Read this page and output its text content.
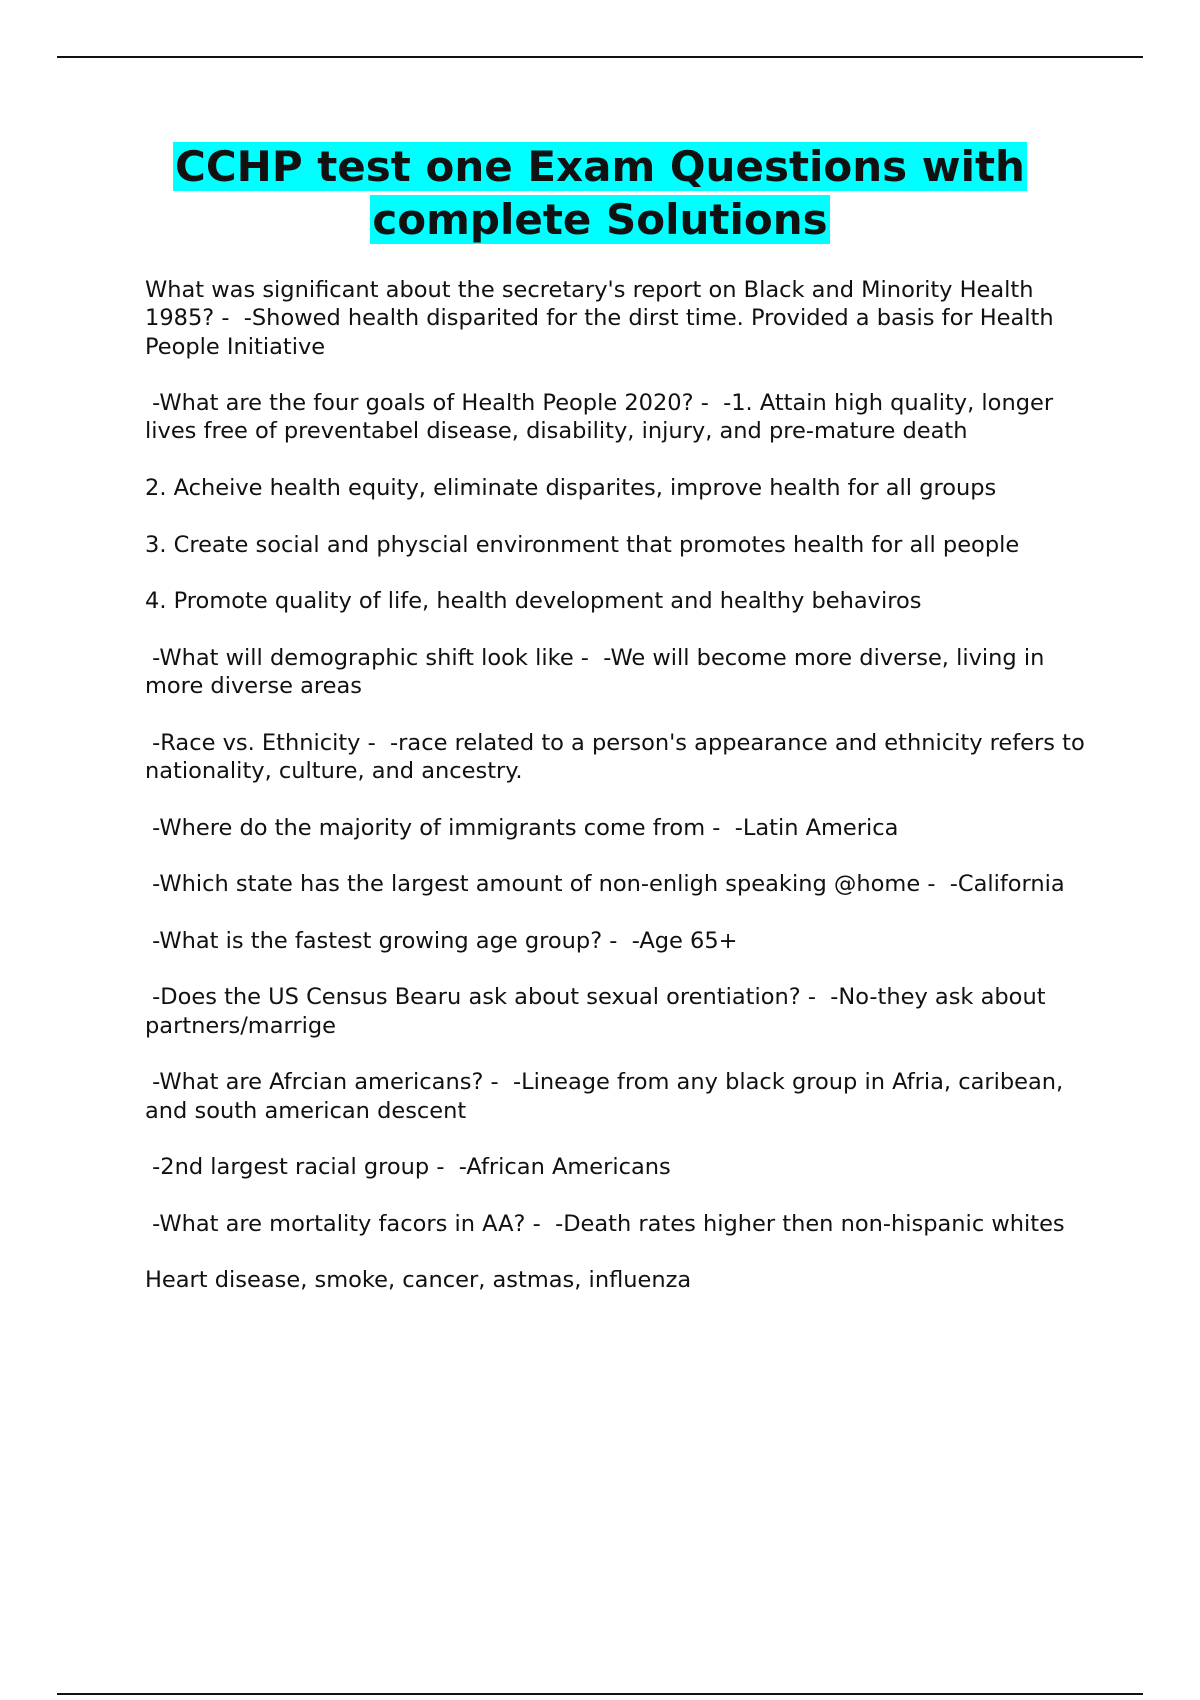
CCHP test one Exam Questions with
complete Solutions

What was significant about the secretary's report on Black and Minority Health 1985? -  -Showed health disparited for the dirst time. Provided a basis for Health People Initiative

-What are the four goals of Health People 2020? -  -1. Attain high quality, longer lives free of preventabel disease, disability, injury, and pre-mature death

2. Acheive health equity, eliminate disparites, improve health for all groups

3. Create social and physcial environment that promotes health for all people

4. Promote quality of life, health development and healthy behaviros

-What will demographic shift look like -  -We will become more diverse, living in more diverse areas

-Race vs. Ethnicity -  -race related to a person's appearance and ethnicity refers to nationality, culture, and ancestry.

-Where do the majority of immigrants come from -  -Latin America

-Which state has the largest amount of non-enligh speaking @home -  -California

-What is the fastest growing age group? -  -Age 65+

-Does the US Census Bearu ask about sexual orentiation? -  -No-they ask about partners/marrige

-What are Afrcian americans? -  -Lineage from any black group in Afria, caribean, and south american descent

-2nd largest racial group -  -African Americans

-What are mortality facors in AA? -  -Death rates higher then non-hispanic whites

Heart disease, smoke, cancer, astmas, influenza
